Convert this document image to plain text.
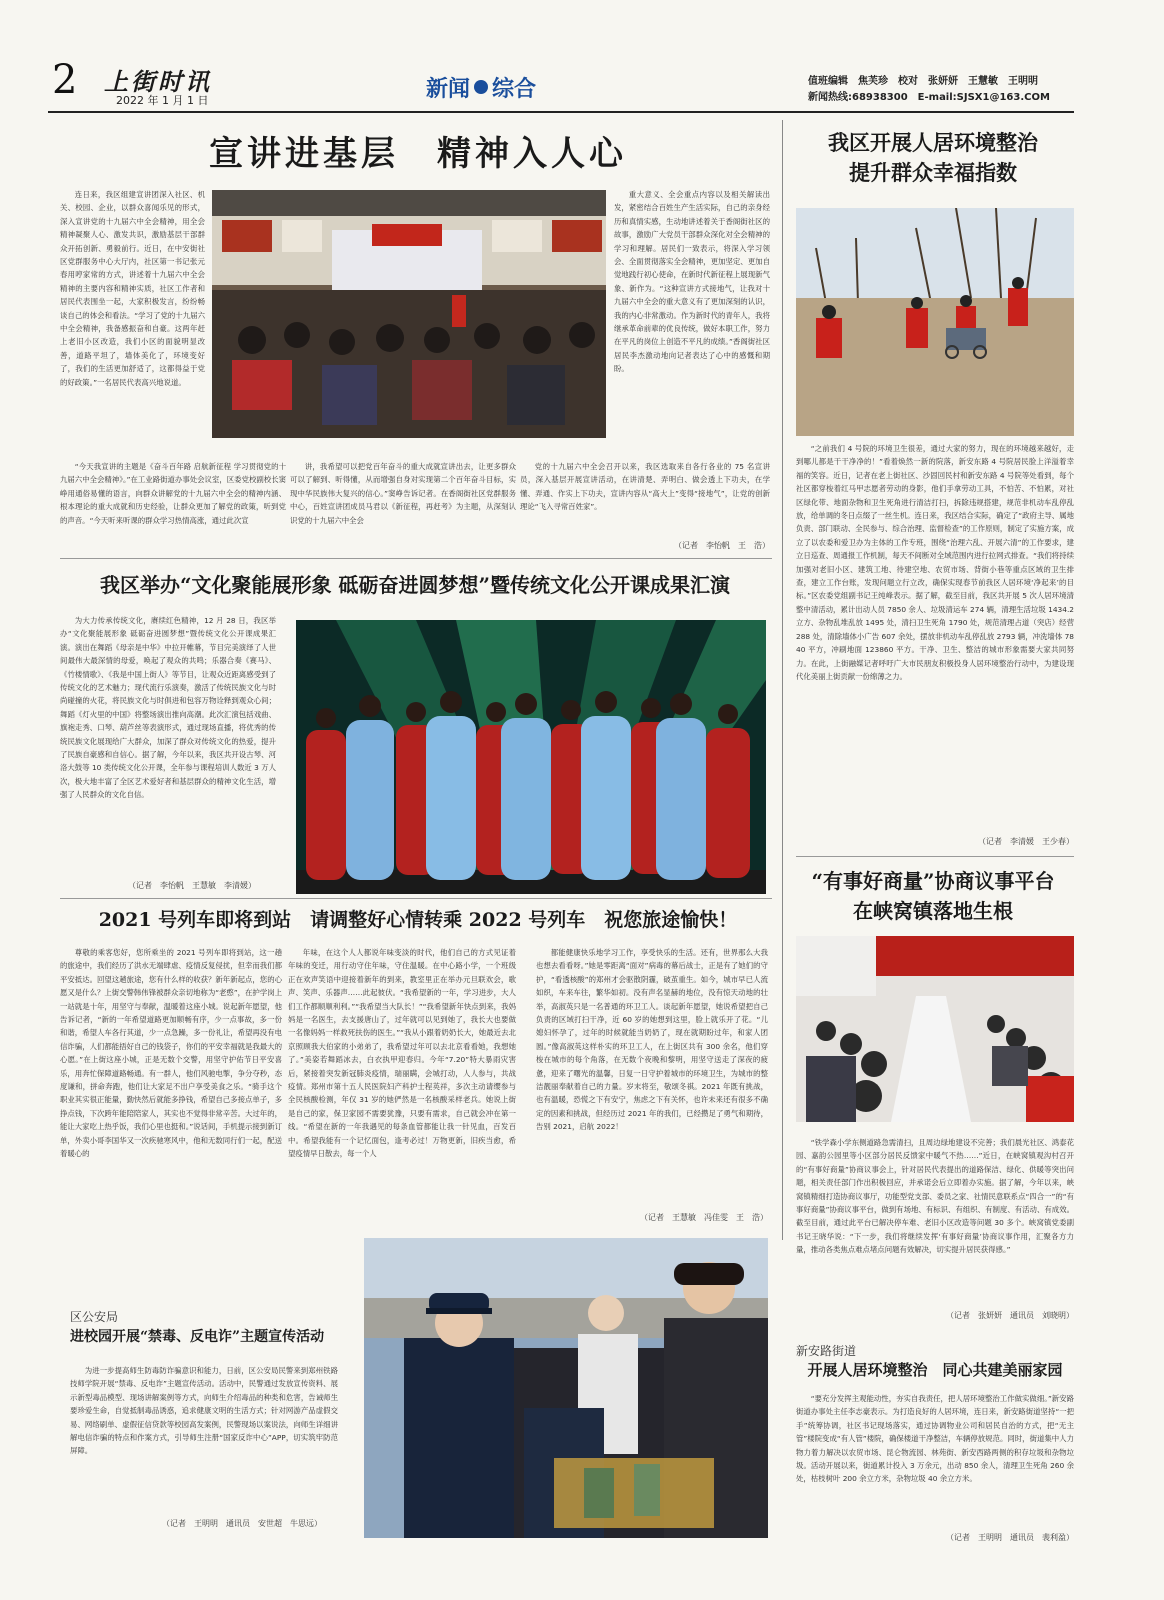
2 上街时讯
2022 年 1 月 1 日	新闻 综合	值班编辑　焦芙珍　校对　张妍妍　王慧敏　王明明
新闻热线:68938300　E-mail:SJSX1@163.COM
宣讲进基层　精神入人心

连日来，我区组建宣讲团深入社区、机关、校园、企业，以群众喜闻乐见的形式，深入宣讲党的十九届六中全会精神，用全会精神凝聚人心、激发共识，激励基层干部群众开拓创新、勇毅前行。近日，在中安街社区党群服务中心大厅内，社区第一书记张元春用哼家常的方式，讲述着十九届六中全会精神的主要内容和精神实质，社区工作者和居民代表围坐一起，大家积极发言，纷纷畅谈自己的体会和看法。“学习了党的十九届六中全会精神，我备感振奋和自豪。这两年赶上老旧小区改造，我们小区的面貌明显改善，道路平坦了，墙体美化了，环境变好了，我们的生活更加舒适了，这都得益于党的好政策。”一名居民代表高兴地说道。

“今天我宣讲的主题是《奋斗百年路 启航新征程 学习贯彻党的十九届六中全会精神》。”在工业路街道办事处会议室，区委党校副校长窦峥用通俗易懂的语言，向群众讲解党的十九届六中全会的精神内涵、根本理论的重大成就和历史经验，让群众更加了解党的政策，听到党的声音。“今天听来听课的群众学习热情高涨，通过此次宣

讲，我希望可以把党百年奋斗的重大成就宣讲出去，让更多群众可以了解到、听得懂，从而增强自身对实现第二个百年奋斗目标，实现中华民族伟大复兴的信心。”窦峥告诉记者。在香阁街社区党群服务中心，百姓宣讲团成员马君以《新征程，再赶考》为主题，从深刻认识党的十九届六中全会

重大意义、全会重点内容以及相关解读出发，紧密结合百姓生产生活实际，自己的亲身经历和真情实感，生动地讲述着关于香阁街社区的故事，激励广大党员干部群众深化对全会精神的学习和理解。居民们一致表示，将深入学习领会、全面贯彻落实全会精神，更加坚定、更加自觉地践行初心使命，在新时代新征程上展现新气象、新作为。“这种宣讲方式接地气，让我对十九届六中全会的重大意义有了更加深刻的认识，我的内心非常激动。作为新时代的青年人，我将继承革命前辈的优良传统，做好本职工作，努力在平凡的岗位上创造不平凡的成绩。”香阁街社区居民李杰激动地向记者表达了心中的感慨和期盼。

党的十九届六中全会召开以来，我区选取来自各行各业的 75 名宣讲员，深入基层开展宣讲活动，在讲清楚、弄明白、做会透上下功夫，在学懂、弄通、作实上下功夫，宣讲内容从“高大上”变得“接地气”，让党的创新理论“飞入寻常百姓家”。

（记者　李怡帆　王　浩）
我区举办“文化聚能展形象 砥砺奋进圆梦想”暨传统文化公开课成果汇演

为大力传承传统文化，赓续红色精神，12 月 28 日，我区举办“文化聚能展形象 砥砺奋进圆梦想”暨传统文化公开课成果汇演。演出在舞蹈《母亲是中华》中拉开帷幕，节目完美演绎了人世间最伟大最深情的母爱，唤起了观众的共鸣；乐器合奏《赛马》、《竹楼情歌》、《我是中国上街人》等节目，让观众近距离感受到了传统文化的艺术魅力；现代流行乐演奏，激活了传统民族文化与时尚碰撞的火花，将民族文化与时俱进和包容万物诠释到观众心间；舞蹈《灯火里的中国》将整场演出推向高潮。此次汇演包括戏曲、旗袍走秀、口琴、葫芦丝等表演形式，通过现场直播，将优秀的传统民族文化展现给广大群众，加深了群众对传统文化的热爱，提升了民族自豪感和自信心。据了解，今年以来，我区共开设古琴、河洛大鼓等 10 类传统文化公开课，全年参与课程培训人数近 3 万人次，极大地丰富了全区艺术爱好者和基层群众的精神文化生活，增强了人民群众的文化自信。

（记者　李怡帆　王慧敏　李清媛）
2021 号列车即将到站　请调整好心情转乘 2022 号列车　祝您旅途愉快！

尊敬的乘客您好，您所乘坐的 2021 号列车即将到站，这一趟的旅途中，我们经历了洪水无端肆虐、疫情反复侵扰，但幸而我们都平安抵达。回望这趟旅途，您有什么样的收获？新年新起点，您的心愿又是什么？上街交警韩伟锋被群众亲切地称为“老憨”，在护学岗上一站就是十年，用坚守与奉献，温暖着这座小城。说起新年愿望，他告诉记者，“新的一年希望道路更加顺畅有序，少一点事故，多一份和谐，希望人车各行其道，少一点急躁，多一份礼让，希望再没有电信诈骗，人们都能捂好自己的钱袋子，你们的平安幸福就是我最大的心愿。”在上街这座小城，正是无数个交警，用坚守护佑节日平安喜乐，用奔忙保障道路畅通。有一群人，他们风驰电掣，争分夺秒，态度谦和，拼命奔跑，他们让大家足不出户享受美食之乐。“骑手这个职业其实很正能量，勤快然后就能多挣钱，希望自己多接点单子，多挣点钱，下次跨年能陪陪家人，其实也不觉得非常辛苦。大过年的，能让大家吃上热乎饭，我们心里也挺和。”说话间，手机提示接到新订单，外卖小哥李国华又一次疾驰寒风中，他和无数同行们一起，配送着暖心的

年味，在这个人人都说年味变淡的时代，他们自己的方式见证着年味的变迁，用行动守住年味，守住温暖。在中心路小学，一个班级正在欢声笑语中迎接着新年的到来，教室里正在举办元旦联欢会，歌声、笑声、乐器声……此起彼伏。“我希望新的一年，学习进步，大人们工作都顺顺利利。”“我希望当大队长！”“我希望新年快点到来，我妈妈是一名医生，去支援唐山了，过年就可以见到她了，我长大也要做一名像妈妈一样救死扶伤的医生。”“我从小跟着奶奶长大，她最近去北京照顾我大伯家的小弟弟了，我希望过年可以去北京看看她，我想她了。”美姿若舞蹈冰去，白衣执甲迎春归。今年“7.20”特大暴雨灾害后，紧接着突发新冠肺炎疫情，瑞丽瞒，会城打动，人人参与，共战疫情。郑州市第十五人民医院妇产科护士程英祥，多次主动请缨参与全民核酸检测，年仅 31 岁的她俨然是一名核酸采样老兵。她说上街是自己的家，保卫家园不需要犹豫，只要有需求，自己就会冲在第一线。“希望在新的一年我遇见的每条血管都能让我一针见血，百发百中。希望我能有一个记忆面包，逢考必过！万物更新，旧疾当愈，希望疫情早日散去，每一个人

都能健康快乐地学习工作，享受快乐的生活。还有，世界那么大我也想去看看呀。”她是零距离“面对”病毒的幕后战士，正是有了她们的守护，“看透核酸”的郑州才会驱散阴霾，破茧重生。如今，城市早已人流如织，车来车往，繁华如初。没有声名显赫的地位，没有惊天动地的壮举，高淑英只是一名普通的环卫工人。谈起新年愿望，她说希望把自己负责的区域打扫干净，近 60 岁的她想到这里，脸上就乐开了花。“儿媳妇怀孕了，过年的时候就能当奶奶了，现在就期盼过年，和家人团圆。”像高淑英这样朴实的环卫工人，在上街区共有 300 余名，他们穿梭在城市的每个角落，在无数个夜晚和黎明，用坚守送走了深夜的疲惫，迎来了曙光的温馨，日复一日守护着城市的环境卫生，为城市的整洁靓丽奉献着自己的力量。岁末将至，敬颂冬祺。2021 年既有挑战，也有温暖，恐慌之下有安宁，焦虑之下有关怀，也许未来还有很多不确定的因素和挑战，但经历过 2021 年的我们，已经攒足了勇气和期待，告别 2021，启航 2022！

（记者　王慧敏　冯佳雯　王　浩）
区公安局
进校园开展“禁毒、反电诈”主题宣传活动

为进一步提高师生防毒防诈骗意识和能力，日前，区公安局民警来到郑州铁路技师学院开展“禁毒、反电诈”主题宣传活动。活动中，民警通过发放宣传资料、展示新型毒品模型、现场讲解案例等方式，向师生介绍毒品的种类和危害，告诫师生要珍爱生命，自觉抵制毒品诱惑，追求健康文明的生活方式；针对网游产品虚假交易、网络刷单、虚假征信贷款等校园高发案例，民警现场以案说法，向师生详细讲解电信诈骗的特点和作案方式，引导师生注册“国家反诈中心”APP，切实筑牢防范屏障。

（记者　王明明　通讯员　安世超　牛思远）
我区开展人居环境整治
提升群众幸福指数

“之前我们 4 号院的环境卫生很差，通过大家的努力，现在的环境越来越好，走到哪儿都是干干净净的！”看着焕然一新的院落，新安东路 4 号院居民脸上洋溢着幸福的笑容。近日，记者在老上街社区、沙固回民村和新安东路 4 号院等处看到，每个社区都穿梭着红马甲志愿者劳动的身影，他们手拿劳动工具，不怕苦、不怕累，对社区绿化带、地面杂物和卫生死角进行清洁打扫，拆除违规搭建，规范非机动车乱停乱放，给单调的冬日点缀了一丝生机。连日来，我区结合实际，确定了“政府主导、属地负责、部门联动、全民参与、综合治理、监督检查”的工作原则，制定了实施方案，成立了以农委和爱卫办为主体的工作专班，围绕“治理六乱、开展六清”的工作要求，建立日巡查、周通报工作机制，每天不间断对全域范围内进行拉网式排查。“我们将持续加强对老旧小区、建筑工地、待建空地、农贸市场、背街小巷等重点区域的卫生排查，建立工作台账，发现问题立行立改，确保实现春节前我区人居环境‘净起来’的目标。”区农委党组副书记王纯峰表示。据了解，截至目前，我区共开展 5 次人居环境清整中清活动，累计出动人员 7850 余人、垃圾清运车 274 辆，清理生活垃圾 1434.2 立方、杂物乱堆乱放 1495 处，清扫卫生死角 1790 处，规范清理占道（突店）经营 288 处，清除墙体小广告 607 余处，摆放非机动车乱停乱放 2793 辆，冲洗墙体 7840 平方，冲刷地面 123860 平方。干净、卫生、整洁的城市形象需要大家共同努力。在此，上街融媒记者呼吁广大市民朋友积极投身人居环境整治行动中，为建设现代化美丽上街贡献一份绵薄之力。

（记者　李清媛　王少春）
“有事好商量”协商议事平台
在峡窝镇落地生根

“铁学森小学东侧道路急需清扫，且周边绿地建设不完善；我们晨光社区、鸿泰花园、嘉韵公园里等小区部分居民反馈家中暖气不热……”近日，在峡窝镇观沟村召开的“有事好商量”协商议事会上，针对居民代表提出的道路保洁、绿化、供暖等突出问题，相关责任部门作出积极回应，并承诺会后立即着办实施。据了解，今年以来，峡窝镇精细打造协商议事厅，功能型党支部、委员之家、社情民意联系点“四合一”的“有事好商量”协商议事平台，做到有场地、有标识、有组织、有制度、有活动、有成效。截至目前，通过此平台已解决停车难、老旧小区改造等问题 30 多个。峡窝镇党委副书记王晓华说：“下一步，我们将继续发挥‘有事好商量’协商议事作用，汇聚各方力量，推动各类焦点难点堵点问题有效解决，切实提升居民获得感。”

（记者　张妍妍　通讯员　刘晓明）
新安路街道
开展人居环境整治　同心共建美丽家园

“要充分发挥主观能动性，夯实自我责任，把人居环境整治工作做实做细。”新安路街道办事处主任李志豪表示。为打造良好的人居环境，连日来，新安路街道坚持“一把手”统筹协调，社区书记现场落实，通过协调物业公司和居民自治的方式，把“无主管”楼院变成“有人管”楼院，确保楼道干净整洁，车辆停放规范。同时，街道集中人力物力着力解决以农贸市场、昆仑物流园、林苑街、新安西路两侧的积存垃圾和杂物垃圾。活动开展以来，街道累计投入 3 万余元，出动 850 余人，清理卫生死角 260 余处，枯枝树叶 200 余立方米，杂物垃圾 40 余立方米。

（记者　王明明　通讯员　裴利盈）
